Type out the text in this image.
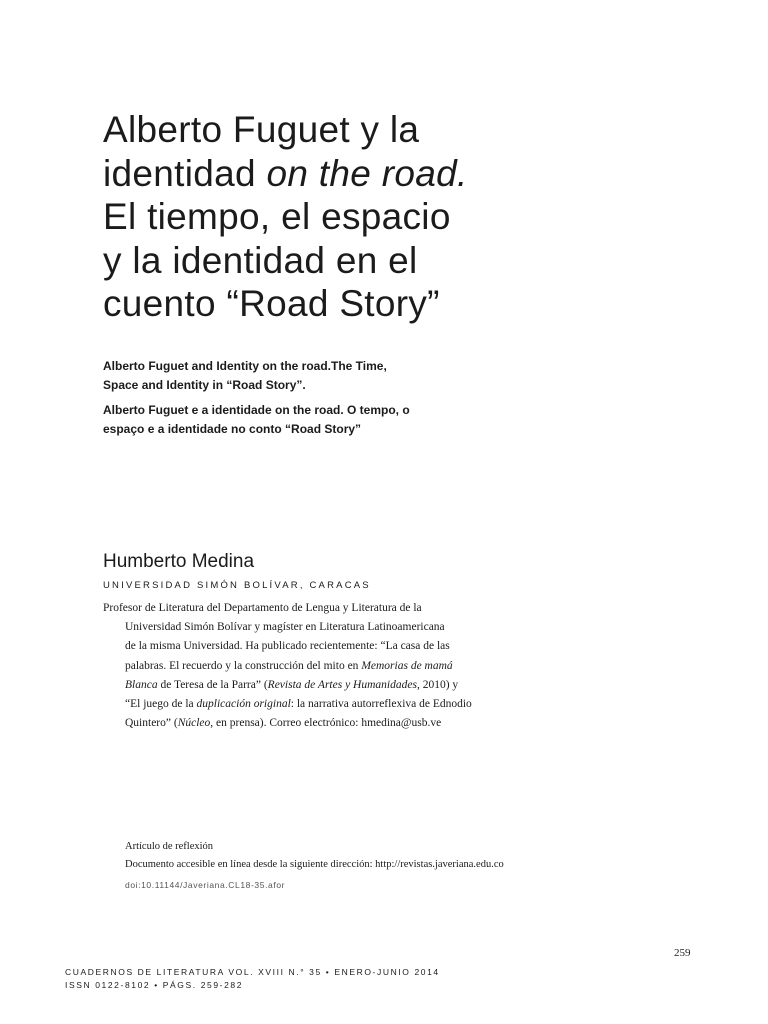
Alberto Fuguet y la
identidad on the road.
El tiempo, el espacio
y la identidad en el
cuento “Road Story”
Alberto Fuguet and Identity on the road.The Time,
Space and Identity in “Road Story”.
Alberto Fuguet e a identidade on the road. O tempo, o
espaço e a identidade no conto “Road Story”
Humberto Medina
UNIVERSIDAD SIMÓN BOLÍVAR, CARACAS
Profesor de Literatura del Departamento de Lengua y Literatura de la
Universidad Simón Bolívar y magíster en Literatura Latinoamericana
de la misma Universidad. Ha publicado recientemente: “La casa de las
palabras. El recuerdo y la construcción del mito en Memorias de mamá
Blanca de Teresa de la Parra” (Revista de Artes y Humanidades, 2010) y
“El juego de la duplicación original: la narrativa autorreflexiva de Ednodio
Quintero” (Núcleo, en prensa). Correo electrónico: hmedina@usb.ve
Artículo de reflexión
Documento accesible en línea desde la siguiente dirección: http://revistas.javeriana.edu.co
doi:10.11144/Javeriana.CL18-35.afor
259
CUADERNOS DE LITERATURA VOL. XVIII N.° 35 • ENERO-JUNIO 2014
ISSN 0122-8102 • PÁGS. 259-282
